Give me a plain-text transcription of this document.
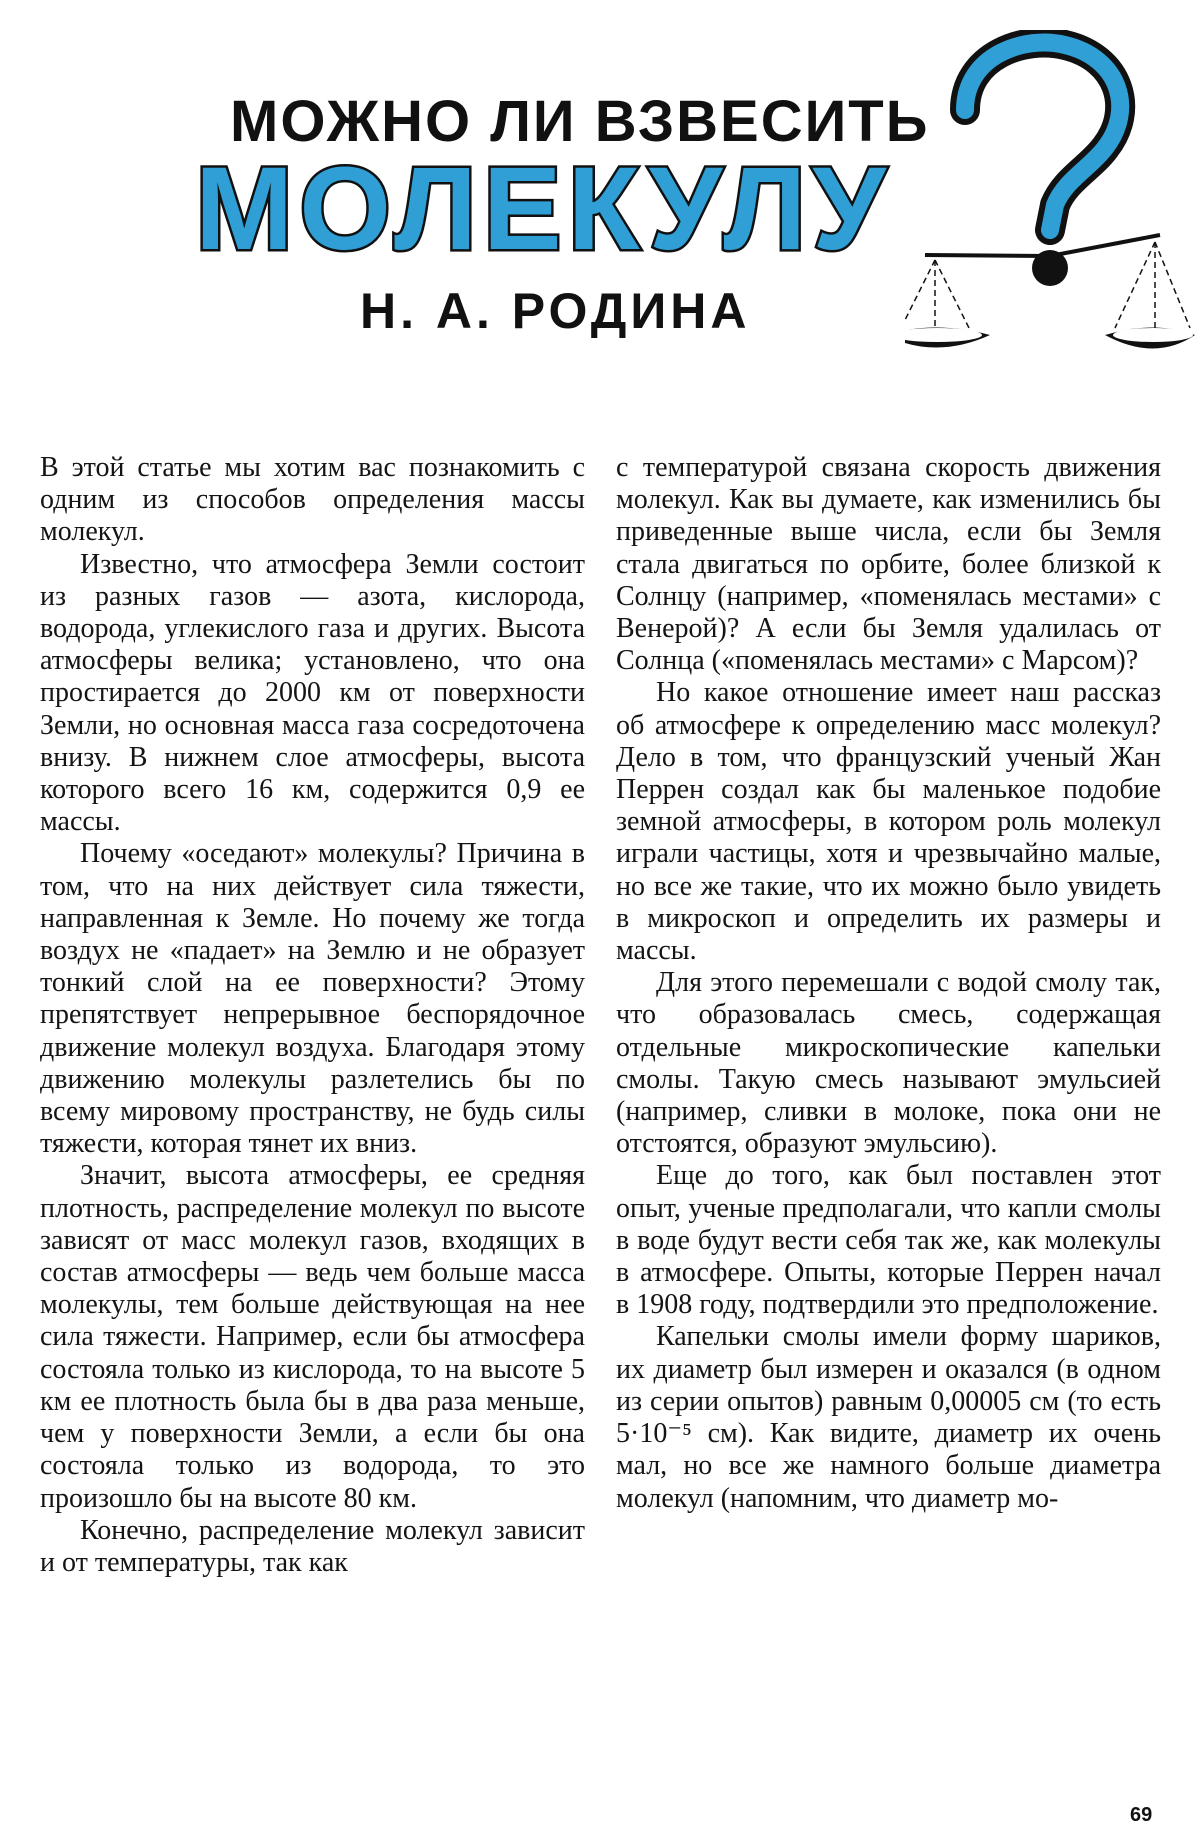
МОЖНО ЛИ ВЗВЕСИТЬ
МОЛЕКУЛУ
Н. А. РОДИНА

В этой статье мы хотим вас познакомить с одним из способов определения массы молекул.

Известно, что атмосфера Земли состоит из разных газов — азота, кислорода, водорода, углекислого газа и других. Высота атмосферы велика; установлено, что она простирается до 2000 км от поверхности Земли, но основная масса газа сосредоточена внизу. В нижнем слое атмосферы, высота которого всего 16 км, содержится 0,9 ее массы.

Почему «оседают» молекулы? Причина в том, что на них действует сила тяжести, направленная к Земле. Но почему же тогда воздух не «падает» на Землю и не образует тонкий слой на ее поверхности? Этому препятствует непрерывное беспорядочное движение молекул воздуха. Благодаря этому движению молекулы разлетелись бы по всему мировому пространству, не будь силы тяжести, которая тянет их вниз.

Значит, высота атмосферы, ее средняя плотность, распределение молекул по высоте зависят от масс молекул газов, входящих в состав атмосферы — ведь чем больше масса молекулы, тем больше действующая на нее сила тяжести. Например, если бы атмосфера состояла только из кислорода, то на высоте 5 км ее плотность была бы в два раза меньше, чем у поверхности Земли, а если бы она состояла только из водорода, то это произошло бы на высоте 80 км.

Конечно, распределение молекул зависит и от температуры, так как

с температурой связана скорость движения молекул. Как вы думаете, как изменились бы приведенные выше числа, если бы Земля стала двигаться по орбите, более близкой к Солнцу (например, «поменялась местами» с Венерой)? А если бы Земля удалилась от Солнца («поменялась местами» с Марсом)?

Но какое отношение имеет наш рассказ об атмосфере к определению масс молекул? Дело в том, что французский ученый Жан Перрен создал как бы маленькое подобие земной атмосферы, в котором роль молекул играли частицы, хотя и чрезвычайно малые, но все же такие, что их можно было увидеть в микроскоп и определить их размеры и массы.

Для этого перемешали с водой смолу так, что образовалась смесь, содержащая отдельные микроскопические капельки смолы. Такую смесь называют эмульсией (например, сливки в молоке, пока они не отстоятся, образуют эмульсию).

Еще до того, как был поставлен этот опыт, ученые предполагали, что капли смолы в воде будут вести себя так же, как молекулы в атмосфере. Опыты, которые Перрен начал в 1908 году, подтвердили это предположение.

Капельки смолы имели форму шариков, их диаметр был измерен и оказался (в одном из серии опытов) равным 0,00005 см (то есть 5·10⁻⁵ см). Как видите, диаметр их очень мал, но все же намного больше диаметра молекул (напомним, что диаметр мо-

69
